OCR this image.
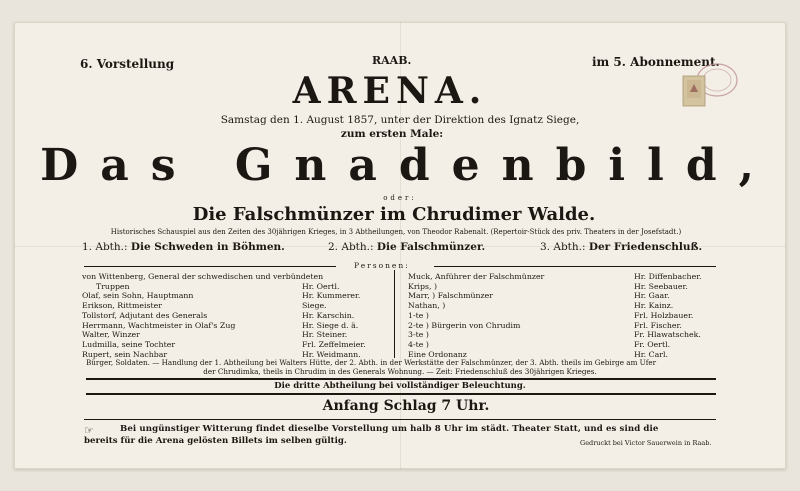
6. Vorstellung	RAAB.	im 5. Abonnement.
ARENA.
Samstag den 1. August 1857, unter der Direktion des Ignatz Siege,
zum ersten Male:
Das Gnadenbild,
oder:
Die Falschmünzer im Chrudimer Walde.
Historisches Schauspiel aus den Zeiten des 30jährigen Krieges, in 3 Abtheilungen, von Theodor Rabenalt. (Repertoir-Stück des priv. Theaters in der Josefstadt.)
1. Abth.: Die Schweden in Böhmen.	2. Abth.: Die Falschmünzer.	3. Abth.: Der Friedenschluß.
Personen:
von Wittenberg, General der schwedischen und verbündeten
Truppen	Hr. Oertl.
Olaf, sein Sohn, Hauptmann	Hr. Kummerer.
Erikson, Rittmeister	Siege.
Tollstorf, Adjutant des Generals	Hr. Karschin.
Herrmann, Wachtmeister in Olaf's Zug	Hr. Siege d. ä.
Walter, Winzer	Hr. Steiner.
Ludmilla, seine Tochter	Frl. Zeffelmeier.
Rupert, sein Nachbar	Hr. Weidmann.
Muck, Anführer der Falschmünzer	Hr. Diffenbacher.
Krips, )	Hr. Seebauer.
Marr, ) Falschmünzer	Hr. Gaar.
Nathan, )	Hr. Kainz.
1-te )	Frl. Holzbauer.
2-te ) Bürgerin von Chrudim	Frl. Fischer.
3-te )	Fr. Hlawatschek.
4-te )	Fr. Oertl.
Eine Ordonanz	Hr. Carl.
Bürger, Soldaten. — Handlung der 1. Abtheilung bei Walters Hütte, der 2. Abth. in der Werkstätte der Falschmünzer, der 3. Abth. theils im Gebirge am Ufer
der Chrudimka, theils in Chrudim in des Generals Wohnung. — Zeit: Friedenschluß des 30jährigen Krieges.
Die dritte Abtheilung bei vollständiger Beleuchtung.
Anfang Schlag 7 Uhr.
☞	Bei ungünstiger Witterung findet dieselbe Vorstellung um halb 8 Uhr im städt. Theater Statt, und es sind die
bereits für die Arena gelösten Billets im selben gültig.	Gedruckt bei Victor Sauerwein in Raab.
